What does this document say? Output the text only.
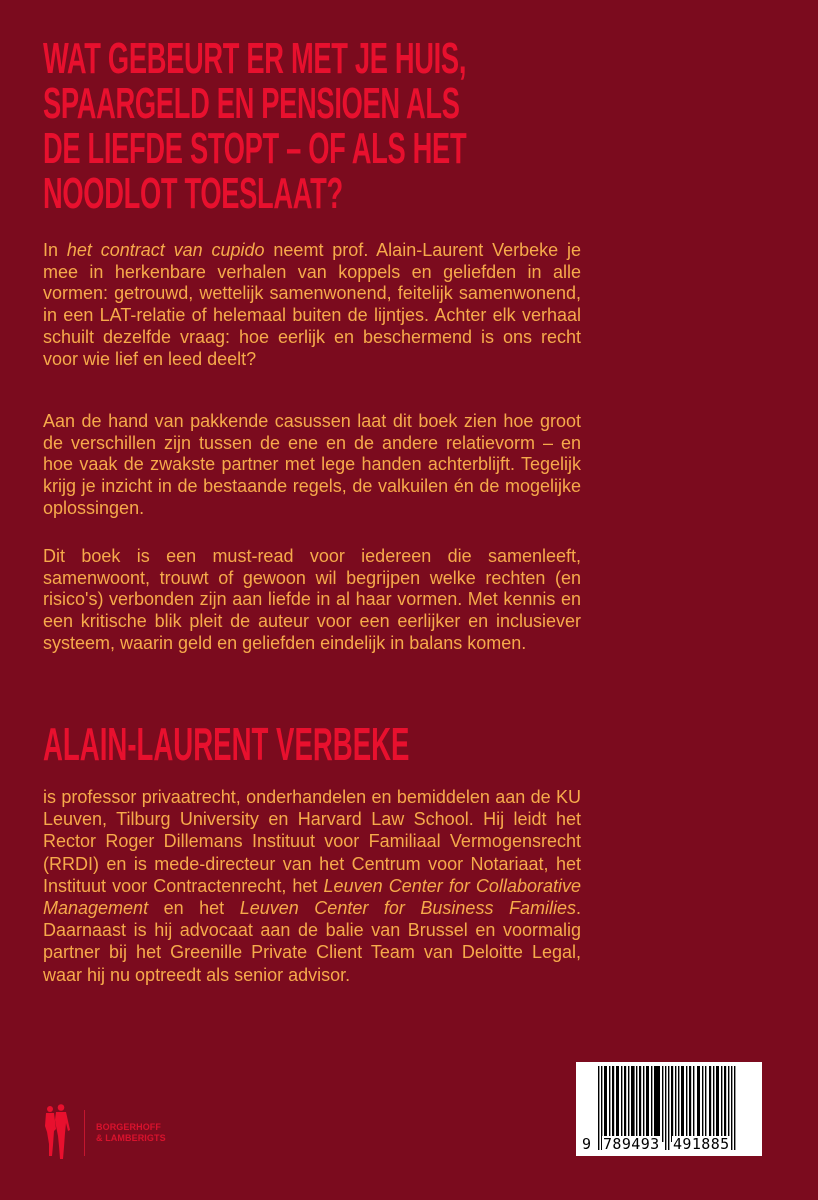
WAT GEBEURT ER MET JE HUIS,
SPAARGELD EN PENSIOEN ALS
DE LIEFDE STOPT – OF ALS HET
NOODLOT TOESLAAT?

In het contract van cupido neemt prof. Alain-Laurent Verbeke je mee in herkenbare verhalen van koppels en geliefden in alle vormen: getrouwd, wettelijk samenwonend, feitelijk samenwonend, in een LAT-relatie of helemaal buiten de lijntjes. Achter elk verhaal schuilt dezelfde vraag: hoe eerlijk en beschermend is ons recht voor wie lief en leed deelt?

Aan de hand van pakkende casussen laat dit boek zien hoe groot de verschillen zijn tussen de ene en de andere relatievorm – en hoe vaak de zwakste partner met lege handen achterblijft. Tegelijk krijg je inzicht in de bestaande regels, de valkuilen én de mogelijke oplossingen.

Dit boek is een must-read voor iedereen die samenleeft, samenwoont, trouwt of gewoon wil begrijpen welke rechten (en risico's) verbonden zijn aan liefde in al haar vormen. Met kennis en een kritische blik pleit de auteur voor een eerlijker en inclusiever systeem, waarin geld en geliefden eindelijk in balans komen.

ALAIN-LAURENT VERBEKE

is professor privaatrecht, onderhandelen en bemiddelen aan de KU Leuven, Tilburg University en Harvard Law School. Hij leidt het Rector Roger Dillemans Instituut voor Familiaal Vermogensrecht (RRDI) en is mede-directeur van het Centrum voor Notariaat, het Instituut voor Contractenrecht, het Leuven Center for Collaborative Management en het Leuven Center for Business Families. Daarnaast is hij advocaat aan de balie van Brussel en voormalig partner bij het Greenille Private Client Team van Deloitte Legal, waar hij nu optreedt als senior advisor.

BORGERHOFF
& LAMBERIGTS	9 789493 491885
